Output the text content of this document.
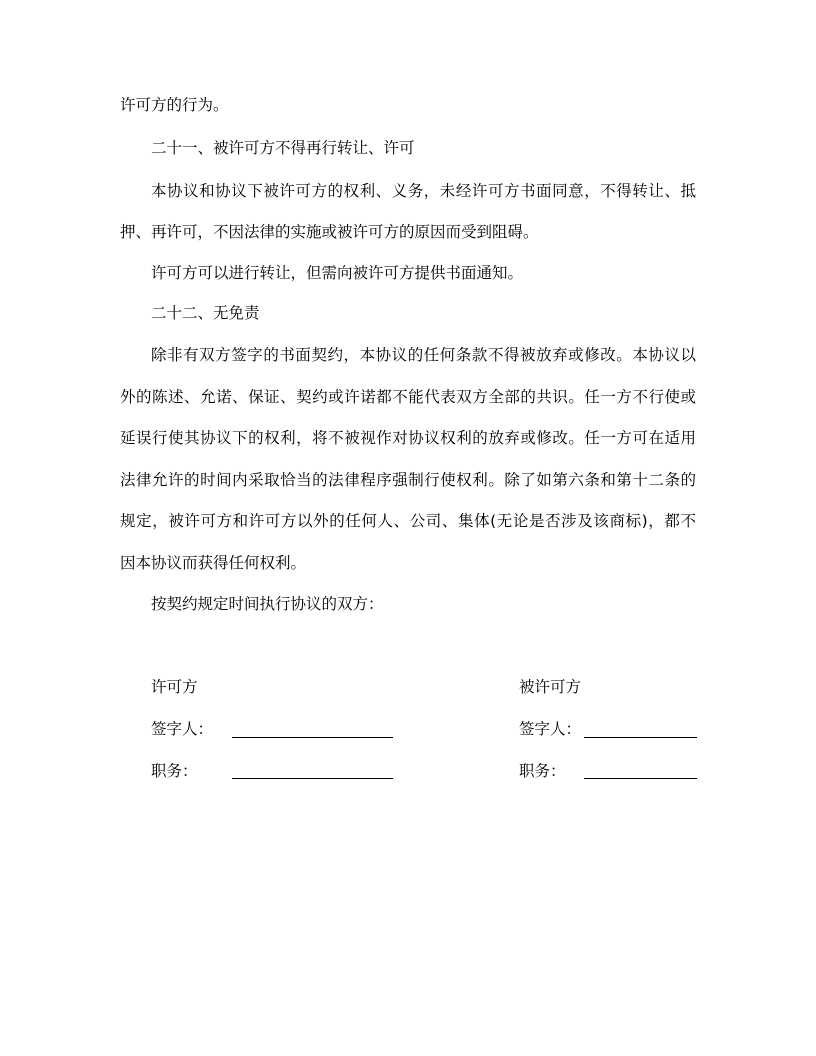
许可方的行为。

二十一、被许可方不得再行转让、许可

本协议和协议下被许可方的权利、义务，未经许可方书面同意，不得转让、抵

押、再许可，不因法律的实施或被许可方的原因而受到阻碍。

许可方可以进行转让，但需向被许可方提供书面通知。

二十二、无免责

除非有双方签字的书面契约，本协议的任何条款不得被放弃或修改。本协议以

外的陈述、允诺、保证、契约或许诺都不能代表双方全部的共识。任一方不行使或

延误行使其协议下的权利，将不被视作对协议权利的放弃或修改。任一方可在适用

法律允许的时间内采取恰当的法律程序强制行使权利。除了如第六条和第十二条的

规定，被许可方和许可方以外的任何人、公司、集体(无论是否涉及该商标)，都不

因本协议而获得任何权利。

按契约规定时间执行协议的双方：

许可方

签字人：

职务：

被许可方

签字人：

职务：
